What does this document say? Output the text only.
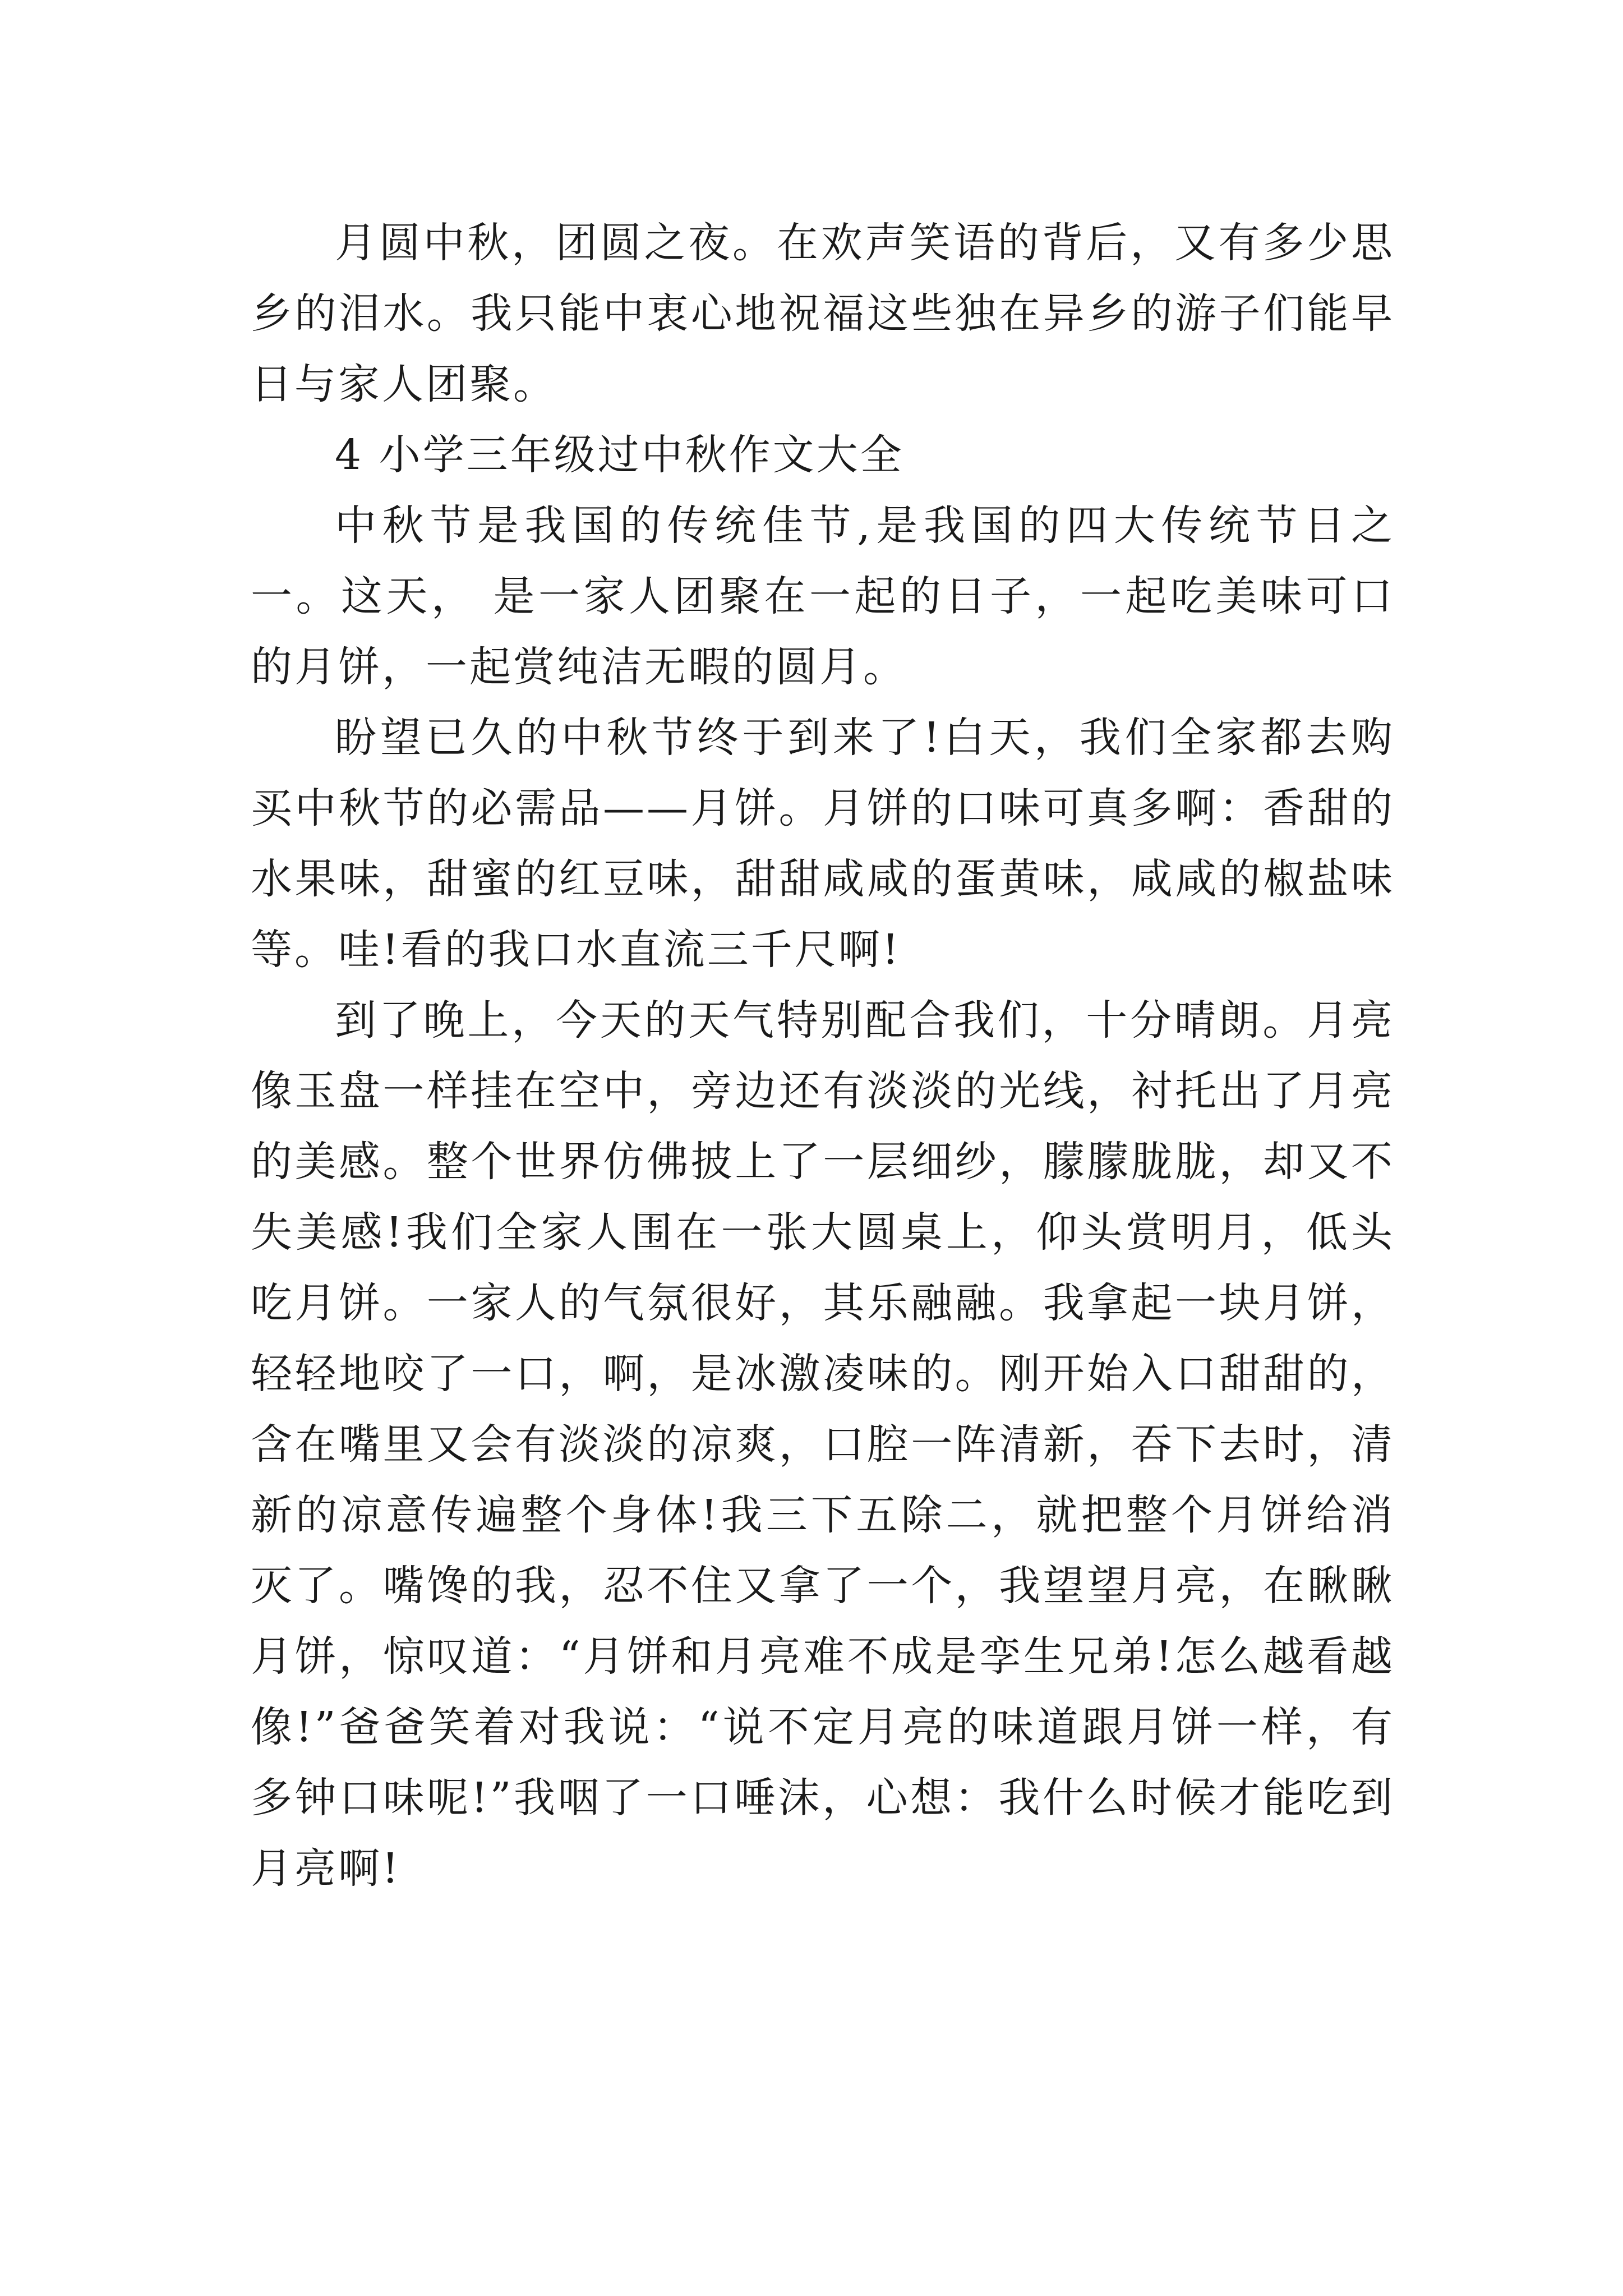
月圆中秋，团圆之夜。在欢声笑语的背后，又有多少思乡的泪水。我只能中衷心地祝福这些独在异乡的游子们能早日与家人团聚。

4 小学三年级过中秋作文大全

中秋节是我国的传统佳节,是我国的四大传统节日之一。这天， 是一家人团聚在一起的日子，一起吃美味可口的月饼，一起赏纯洁无暇的圆月。

盼望已久的中秋节终于到来了!白天，我们全家都去购买中秋节的必需品——月饼。月饼的口味可真多啊：香甜的水果味，甜蜜的红豆味，甜甜咸咸的蛋黄味，咸咸的椒盐味等。哇!看的我口水直流三千尺啊!

到了晚上，今天的天气特别配合我们，十分晴朗。月亮像玉盘一样挂在空中，旁边还有淡淡的光线，衬托出了月亮的美感。整个世界仿佛披上了一层细纱，朦朦胧胧，却又不失美感!我们全家人围在一张大圆桌上，仰头赏明月，低头吃月饼。一家人的气氛很好，其乐融融。我拿起一块月饼，轻轻地咬了一口，啊，是冰激凌味的。刚开始入口甜甜的，含在嘴里又会有淡淡的凉爽，口腔一阵清新，吞下去时，清新的凉意传遍整个身体!我三下五除二，就把整个月饼给消灭了。嘴馋的我，忍不住又拿了一个，我望望月亮，在瞅瞅月饼，惊叹道：“月饼和月亮难不成是孪生兄弟!怎么越看越像!”爸爸笑着对我说：“说不定月亮的味道跟月饼一样，有多钟口味呢!”我咽了一口唾沫，心想：我什么时候才能吃到月亮啊!
